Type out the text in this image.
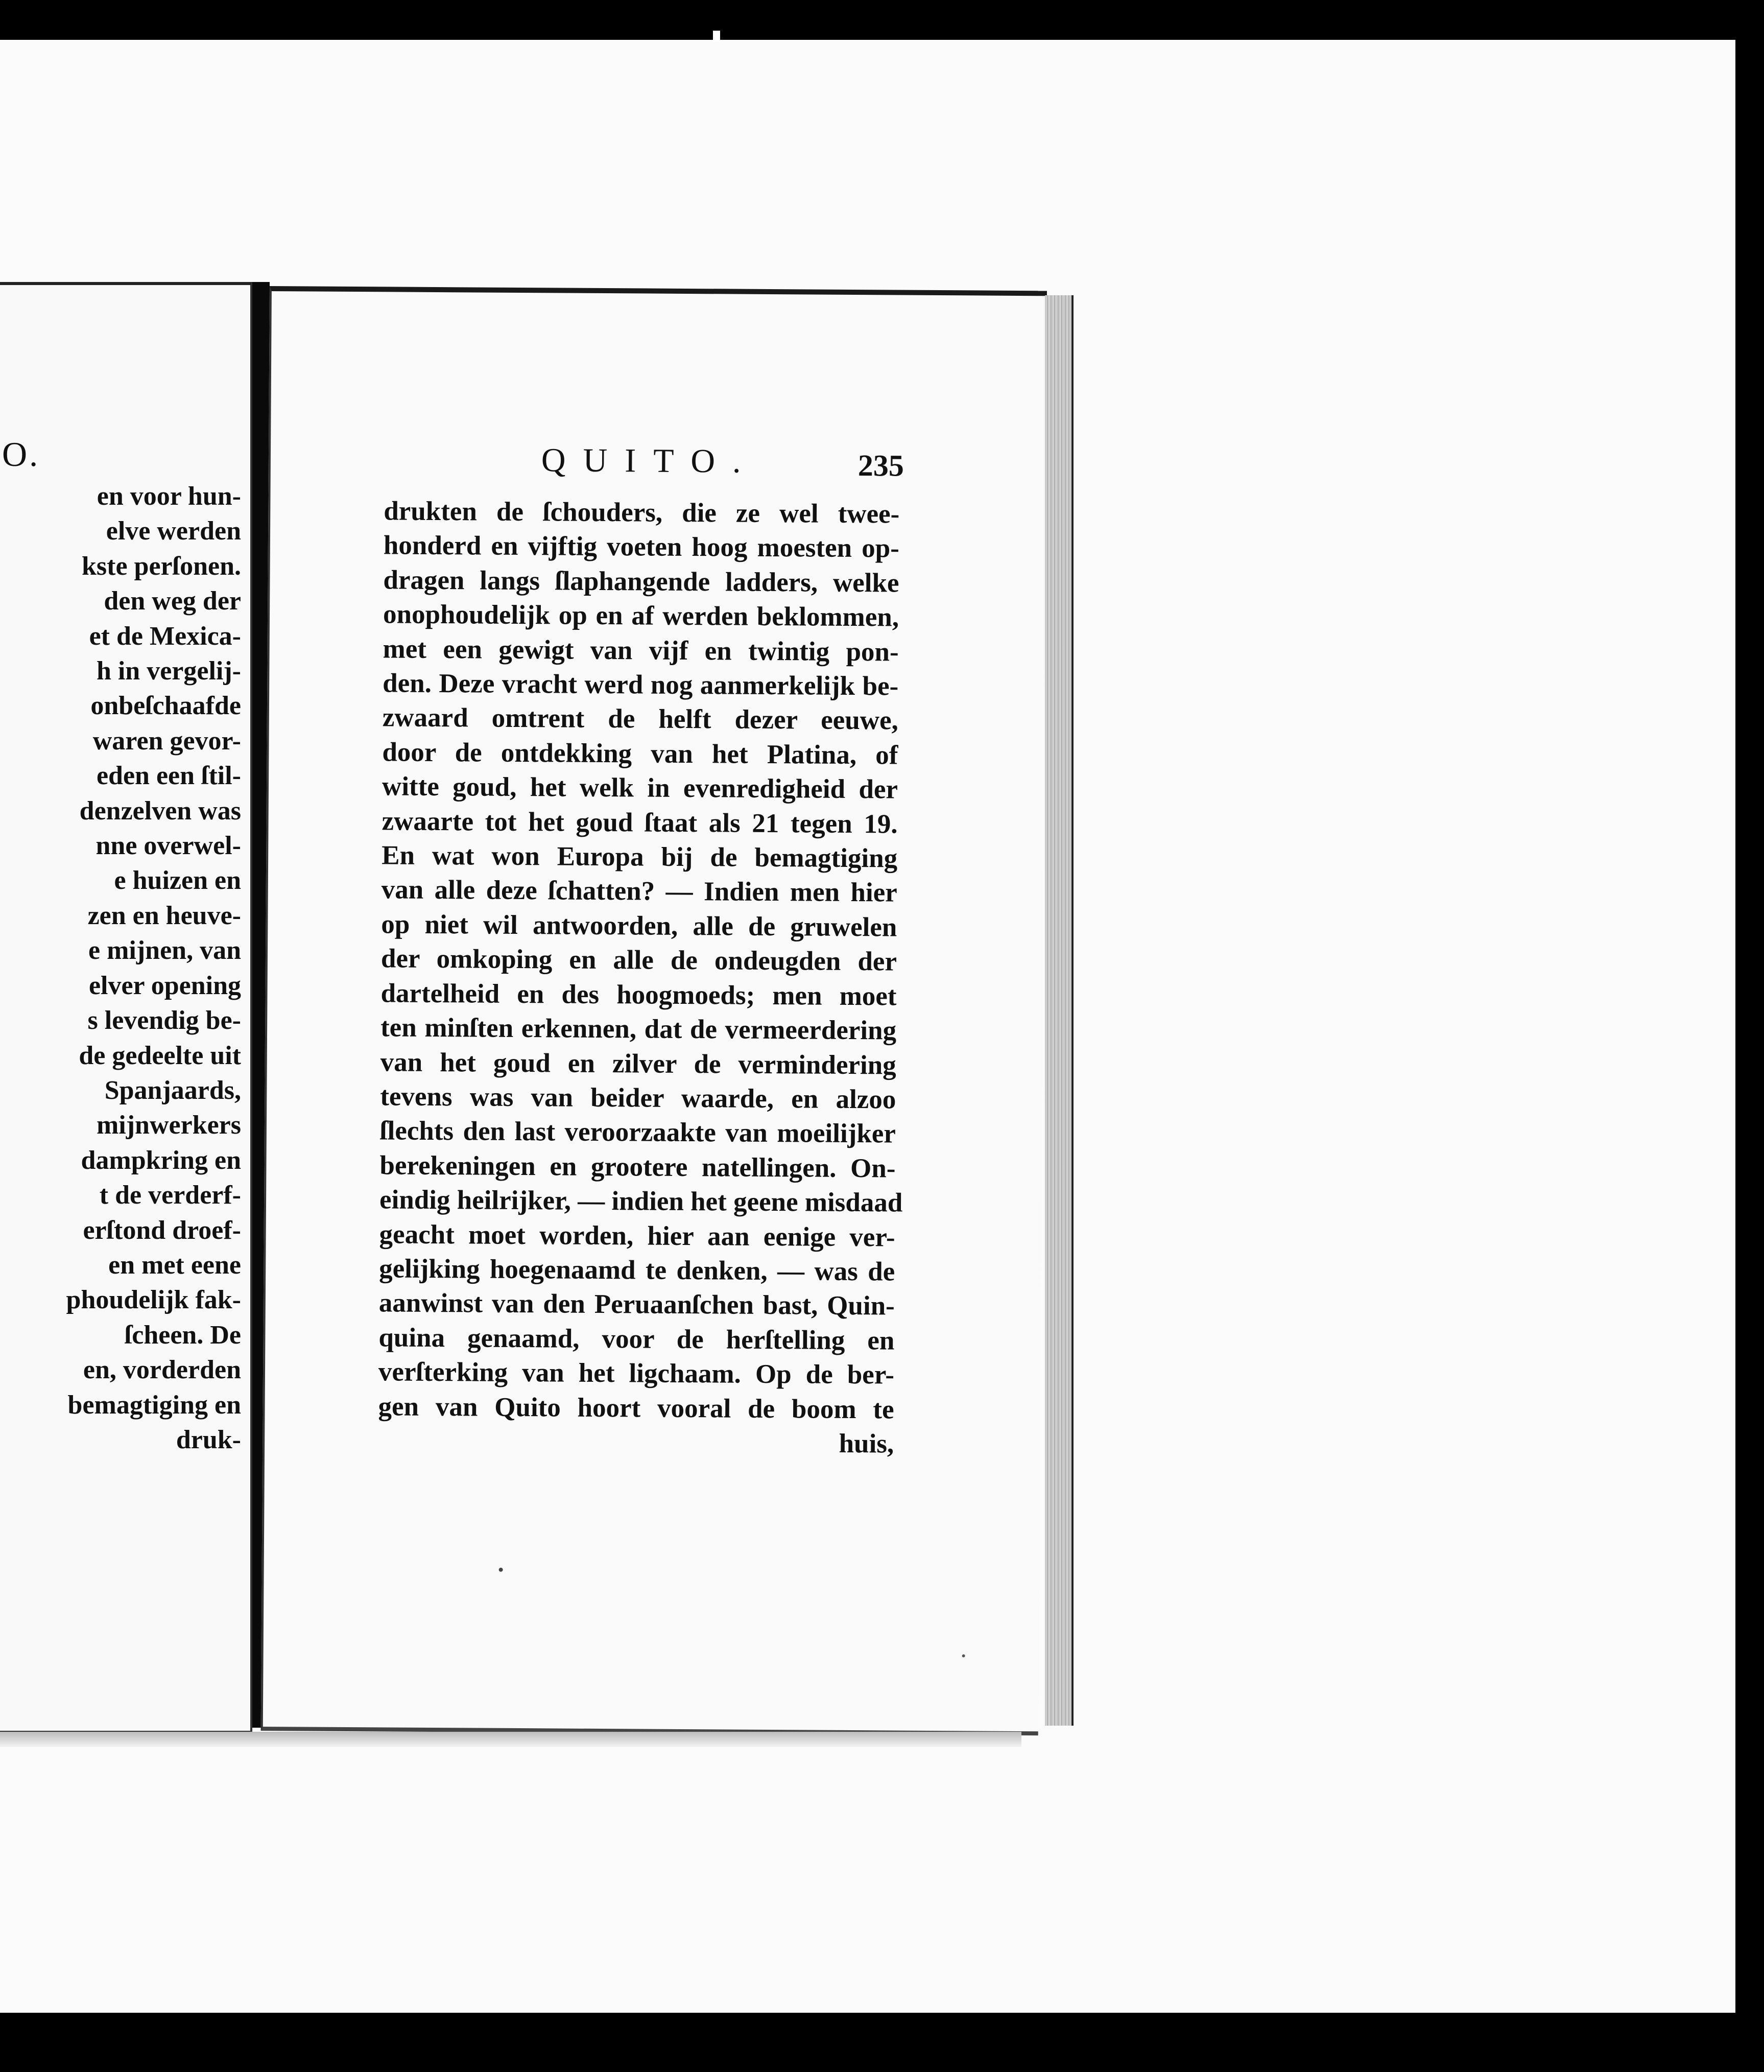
O.
en voor hun-
elve werden
kste perſonen.
den weg der
et de Mexica-
h in vergelij-
onbeſchaafde
waren gevor-
eden een ſtil-
denzelven was
nne overwel-
e huizen en
zen en heuve-
e mijnen, van
elver opening
s levendig be-
de gedeelte uit
Spanjaards,
mijnwerkers
dampkring en
t de verderf-
erſtond droef-
en met eene
phoudelijk fak-
ſcheen. De
en, vorderden
bemagtiging en
druk-
QUITO.	235
drukten de ſchouders, die ze wel twee-
honderd en vijftig voeten hoog moesten op-
dragen langs ſlaphangende ladders, welke
onophoudelijk op en af werden beklommen,
met een gewigt van vijf en twintig pon-
den. Deze vracht werd nog aanmerkelijk be-
zwaard omtrent de helft dezer eeuwe,
door de ontdekking van het Platina, of
witte goud, het welk in evenredigheid der
zwaarte tot het goud ſtaat als 21 tegen 19.
En wat won Europa bij de bemagtiging
van alle deze ſchatten? — Indien men hier
op niet wil antwoorden, alle de gruwelen
der omkoping en alle de ondeugden der
dartelheid en des hoogmoeds; men moet
ten minſten erkennen, dat de vermeerdering
van het goud en zilver de vermindering
tevens was van beider waarde, en alzoo
ſlechts den last veroorzaakte van moeilijker
berekeningen en grootere natellingen. On-
eindig heilrijker, — indien het geene misdaad
geacht moet worden, hier aan eenige ver-
gelijking hoegenaamd te denken, — was de
aanwinst van den Peruaanſchen bast, Quin-
quina genaamd, voor de herſtelling en
verſterking van het ligchaam. Op de ber-
gen van Quito hoort vooral de boom te
huis,
